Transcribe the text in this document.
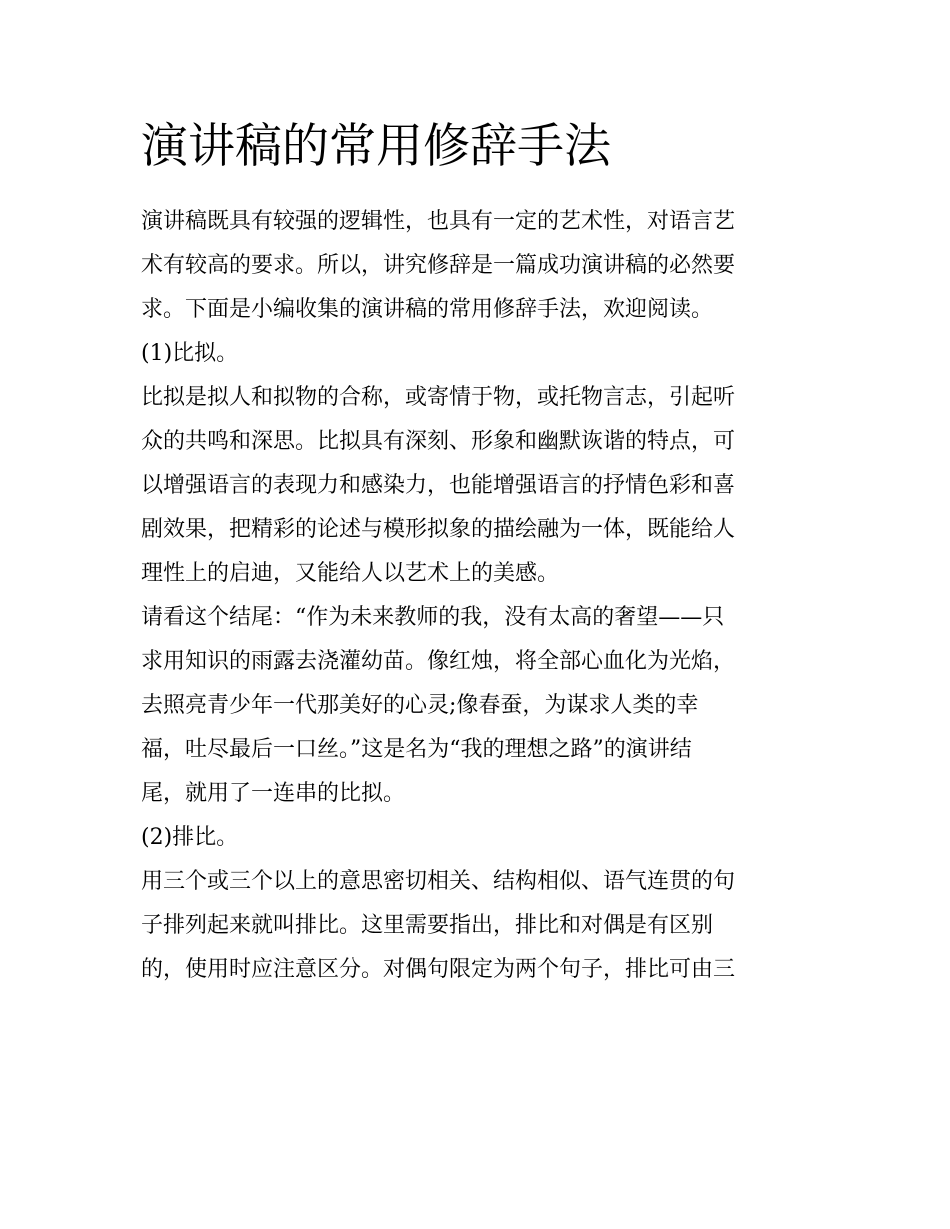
演讲稿的常用修辞手法

演讲稿既具有较强的逻辑性，也具有一定的艺术性，对语言艺

术有较高的要求。所以，讲究修辞是一篇成功演讲稿的必然要

求。下面是小编收集的演讲稿的常用修辞手法，欢迎阅读。

(1)比拟。

比拟是拟人和拟物的合称，或寄情于物，或托物言志，引起听

众的共鸣和深思。比拟具有深刻、形象和幽默诙谐的特点，可

以增强语言的表现力和感染力，也能增强语言的抒情色彩和喜

剧效果，把精彩的论述与模形拟象的描绘融为一体，既能给人

理性上的启迪，又能给人以艺术上的美感。

请看这个结尾：“作为未来教师的我，没有太高的奢望——只

求用知识的雨露去浇灌幼苗。像红烛，将全部心血化为光焰，

去照亮青少年一代那美好的心灵;像春蚕，为谋求人类的幸

福，吐尽最后一口丝。”这是名为“我的理想之路”的演讲结

尾，就用了一连串的比拟。

(2)排比。

用三个或三个以上的意思密切相关、结构相似、语气连贯的句

子排列起来就叫排比。这里需要指出，排比和对偶是有区别

的，使用时应注意区分。对偶句限定为两个句子，排比可由三
